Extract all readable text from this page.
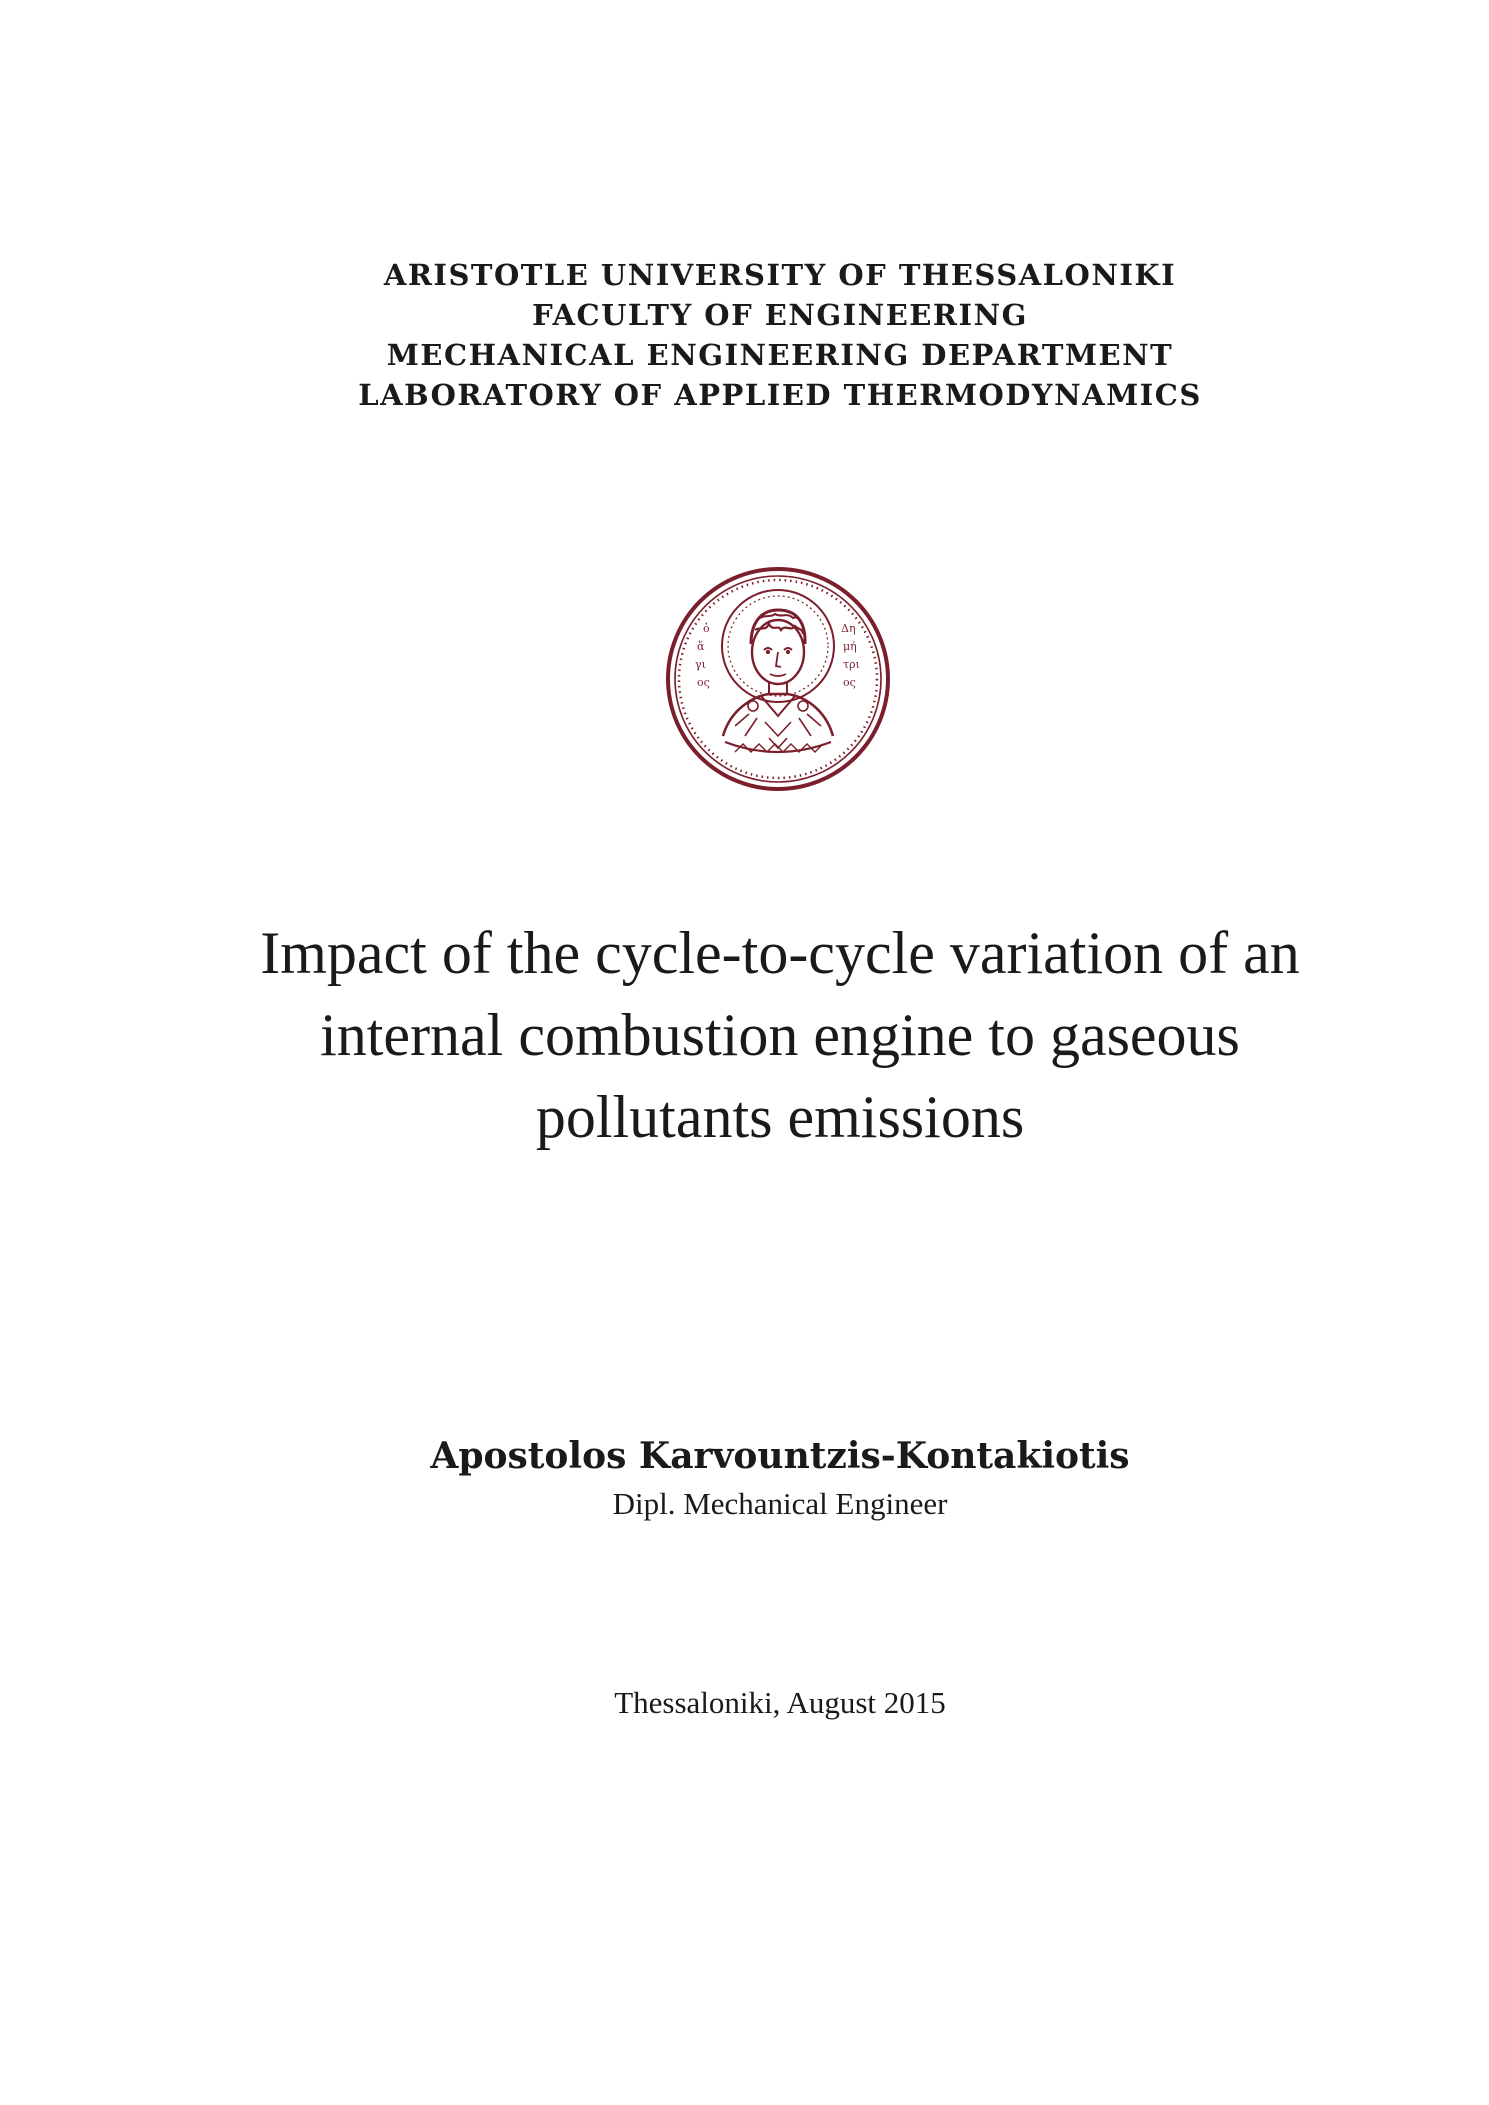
ARISTOTLE UNIVERSITY OF THESSALONIKI

FACULTY OF ENGINEERING

MECHANICAL ENGINEERING DEPARTMENT

LABORATORY OF APPLIED THERMODYNAMICS

ὁ
ἅ
γι
ος
Δη
μή
τρι
ος

Impact of the cycle-to-cycle variation of an

internal combustion engine to gaseous

pollutants emissions

Apostolos Karvountzis-Kontakiotis

Dipl. Mechanical Engineer

Thessaloniki, August 2015
